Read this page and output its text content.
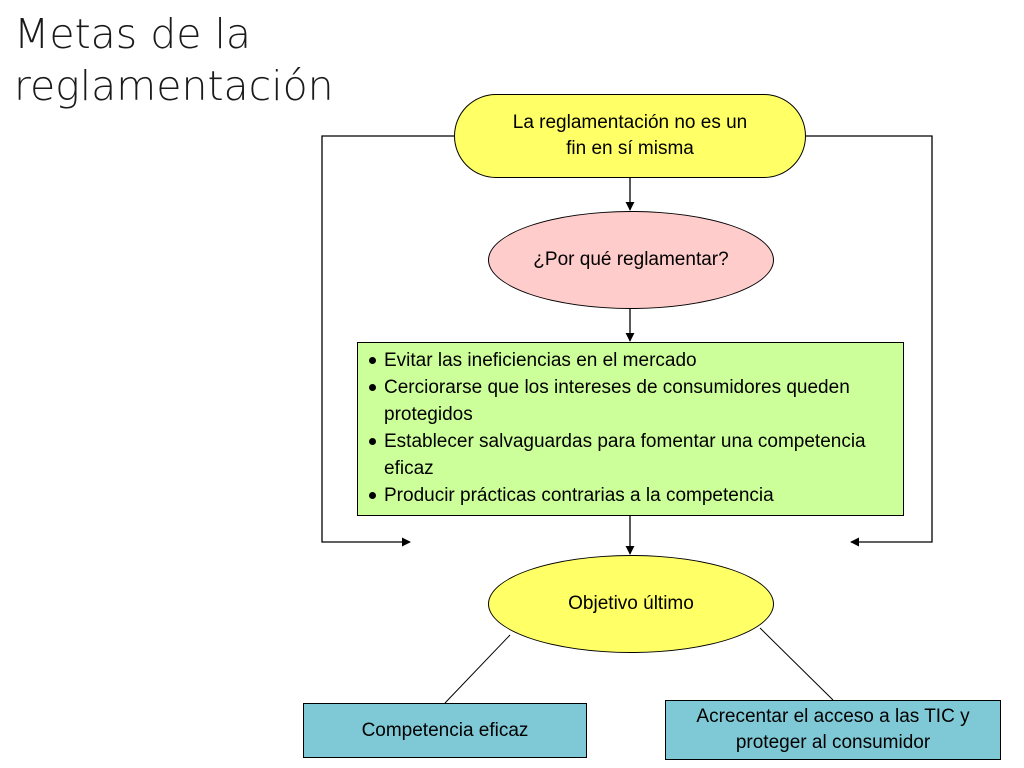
Metas de la
reglamentación
La reglamentación no es un
fin en sí misma
¿Por qué reglamentar?
Evitar las ineficiencias en el mercado
Cerciorarse que los intereses de consumidores queden protegidos
Establecer salvaguardas para fomentar una competencia eficaz
Producir prácticas contrarias a la competencia
Objetivo último
Competencia eficaz
Acrecentar el acceso a las TIC y
proteger al consumidor
